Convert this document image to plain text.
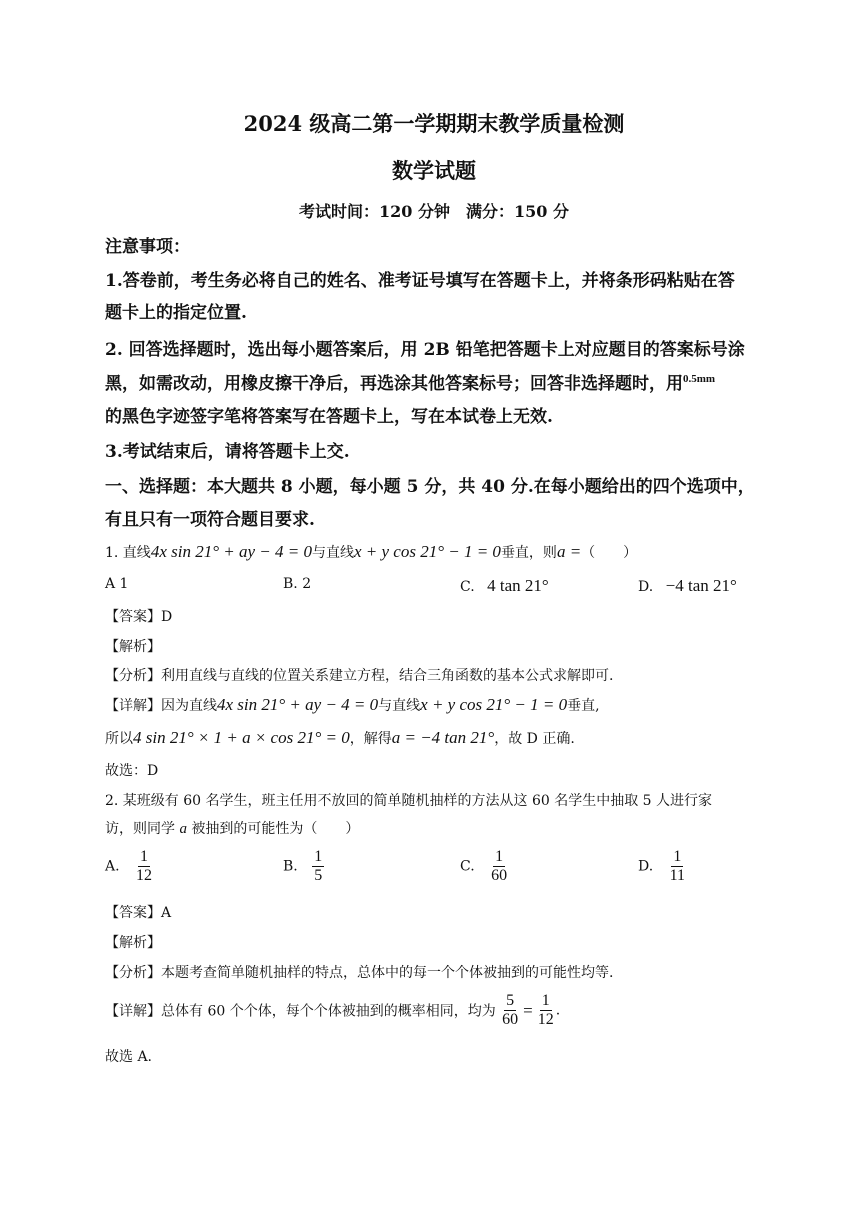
2024 级高二第一学期期末教学质量检测
数学试题
考试时间：120 分钟　满分：150 分
注意事项：
1.答卷前，考生务必将自己的姓名、准考证号填写在答题卡上，并将条形码粘贴在答
题卡上的指定位置.
2. 回答选择题时，选出每小题答案后，用 2B 铅笔把答题卡上对应题目的答案标号涂
黑，如需改动，用橡皮擦干净后，再选涂其他答案标号；回答非选择题时，用$^{0.5mm}$
的黑色字迹签字笔将答案写在答题卡上，写在本试卷上无效.
3.考试结束后，请将答题卡上交.
一、选择题：本大题共 8 小题，每小题 5 分，共 40 分.在每小题给出的四个选项中，
有且只有一项符合题目要求.
1. 直线4x sin 21° + ay − 4 = 0与直线x + y cos 21° − 1 = 0垂直，则a =（　　）
A 1	B. 2	C. 4 tan 21°	D. −4 tan 21°
【答案】D
【解析】
【分析】利用直线与直线的位置关系建立方程，结合三角函数的基本公式求解即可.
【详解】因为直线4x sin 21° + ay − 4 = 0与直线x + y cos 21° − 1 = 0垂直,
所以4 sin 21° × 1 + a × cos 21° = 0，解得a = −4 tan 21°，故 D 正确.
故选：D
2. 某班级有 60 名学生，班主任用不放回的简单随机抽样的方法从这 60 名学生中抽取 5 人进行家
访，则同学 a 被抽到的可能性为（　　）
A. $\frac{1}{12}$	B. $\frac{1}{5}$	C. $\frac{1}{60}$	D. $\frac{1}{11}$
【答案】A
【解析】
【分析】本题考查简单随机抽样的特点，总体中的每一个个体被抽到的可能性均等.
【详解】总体有 60 个个体，每个个体被抽到的概率相同，均为 $\frac{5}{60} = \frac{1}{12}$ .
故选 A.
